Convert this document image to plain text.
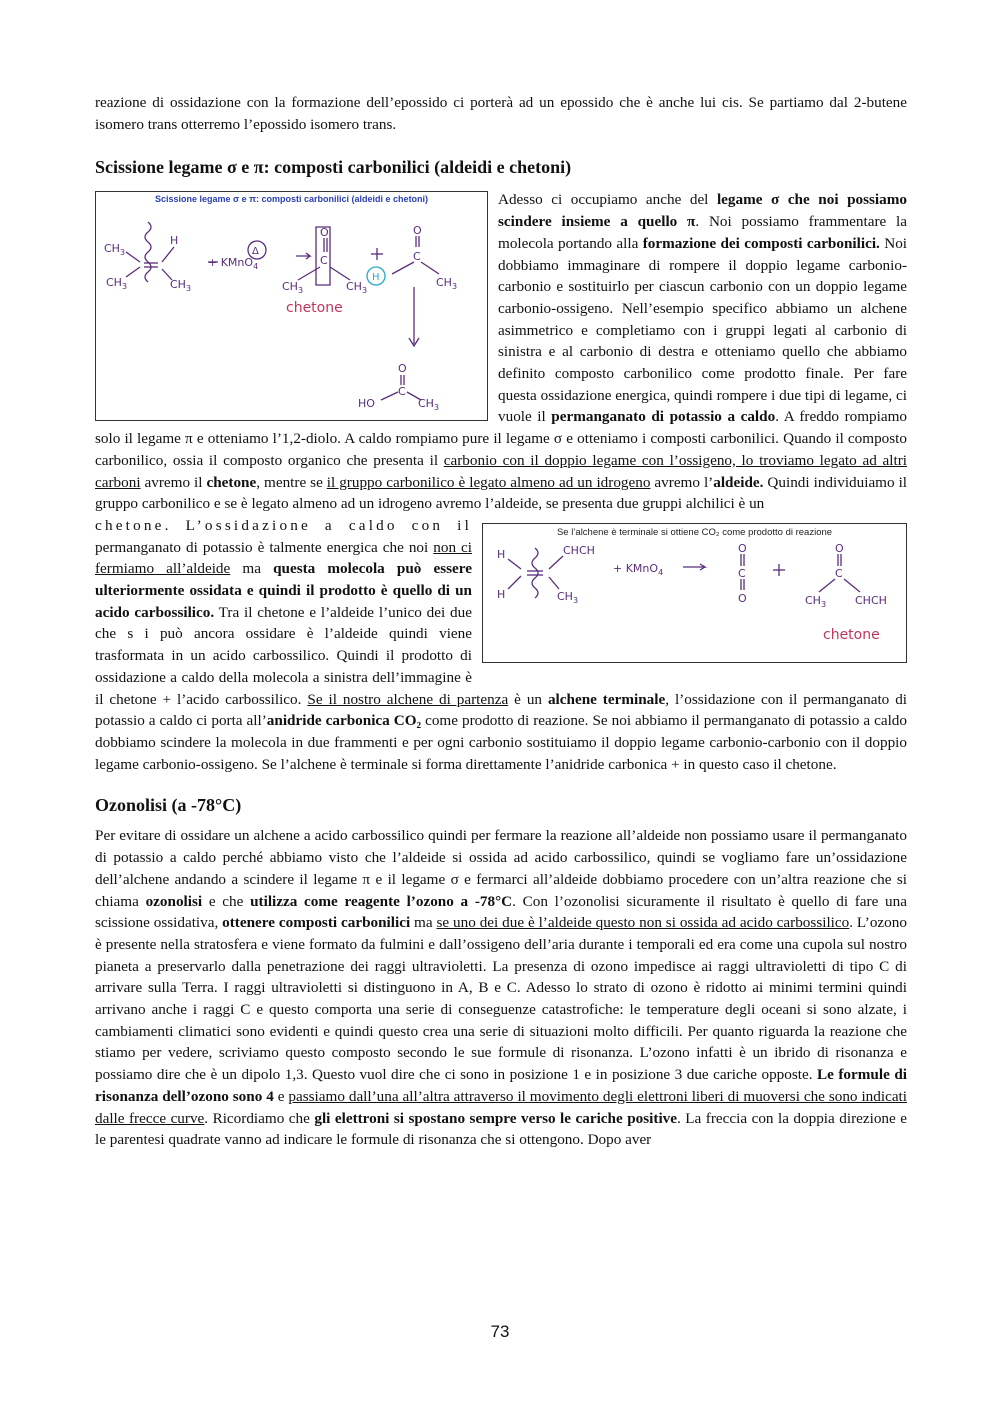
reazione di ossidazione con la formazione dell’epossido ci porterà ad un epossido che è anche lui cis. Se partiamo dal 2-butene isomero trans otterremo l’epossido isomero trans.

Scissione legame σ e π: composti carbonilici (aldeidi e chetoni)
Scissione legame σ e π: composti carbonilici (aldeidi e chetoni)
$CH_3$
$CH_3$
H
$CH_3$
+ KMnO$_4$
Δ
O
C
$CH_3$	$CH_3$
O
C
H	$CH_3$
O
C
HO	$CH_3$
chetone

Adesso ci occupiamo anche del legame σ che noi possiamo scindere insieme a quello π. Noi possiamo frammentare la molecola portando alla formazione dei composti carbonilici. Noi dobbiamo immaginare di rompere il doppio legame carbonio-carbonio e sostituirlo per ciascun carbonio con un doppio legame carbonio-ossigeno. Nell’esempio specifico abbiamo un alchene asimmetrico e completiamo con i gruppi legati al carbonio di sinistra e al carbonio di destra e otteniamo quello che abbiamo definito composto carbonilico come prodotto finale. Per fare questa ossidazione energica, quindi rompere i due tipi di legame, ci vuole il permanganato di potassio a caldo. A freddo rompiamo solo il legame π e otteniamo l’1,2-diolo. A caldo rompiamo pure il legame σ e otteniamo i composti carbonilici. Quando il composto carbonilico, ossia il composto organico che presenta il carbonio con il doppio legame con l’ossigeno, lo troviamo legato ad altri carboni avremo il chetone, mentre se il gruppo carbonilico è legato almeno ad un idrogeno avremo l’aldeide. Quindi individuiamo il gruppo carbonilico e se è legato almeno ad un idrogeno avremo l’aldeide, se presenta due gruppi alchilici è un

Se l’alchene è terminale si ottiene CO₂ come prodotto di reazione
H
H
CHCH
$CH_3$
+ KMnO$_4$
O
C
O
O
C
$CH_3$	CHCH
chetone

chetone. L’ossidazione a caldo con il permanganato di potassio è talmente energica che noi non ci fermiamo all’aldeide ma questa molecola può essere ulteriormente ossidata e quindi il prodotto è quello di un acido carbossilico. Tra il chetone e l’aldeide l’unico dei due che s i può ancora ossidare è l’aldeide quindi viene trasformata in un acido carbossilico. Quindi il prodotto di ossidazione a caldo della molecola a sinistra dell’immagine è il chetone + l’acido carbossilico. Se il nostro alchene di partenza è un alchene terminale, l’ossidazione con il permanganato di potassio a caldo ci porta all’anidride carbonica CO₂ come prodotto di reazione. Se noi abbiamo il permanganato di potassio a caldo dobbiamo scindere la molecola in due frammenti e per ogni carbonio sostituiamo il doppio legame carbonio-carbonio con il doppio legame carbonio-ossigeno. Se l’alchene è terminale si forma direttamente l’anidride carbonica + in questo caso il chetone.

Ozonolisi (a -78°C)

Per evitare di ossidare un alchene a acido carbossilico quindi per fermare la reazione all’aldeide non possiamo usare il permanganato di potassio a caldo perché abbiamo visto che l’aldeide si ossida ad acido carbossilico, quindi se vogliamo fare un’ossidazione dell’alchene andando a scindere il legame π e il legame σ e fermarci all’aldeide dobbiamo procedere con un’altra reazione che si chiama ozonolisi e che utilizza come reagente l’ozono a -78°C. Con l’ozonolisi sicuramente il risultato è quello di fare una scissione ossidativa, ottenere composti carbonilici ma se uno dei due è l’aldeide questo non si ossida ad acido carbossilico. L’ozono è presente nella stratosfera e viene formato da fulmini e dall’ossigeno dell’aria durante i temporali ed era come una cupola sul nostro pianeta a preservarlo dalla penetrazione dei raggi ultravioletti. La presenza di ozono impedisce ai raggi ultravioletti di tipo C di arrivare sulla Terra. I raggi ultravioletti si distinguono in A, B e C. Adesso lo strato di ozono è ridotto ai minimi termini quindi arrivano anche i raggi C e questo comporta una serie di conseguenze catastrofiche: le temperature degli oceani si sono alzate, i cambiamenti climatici sono evidenti e quindi questo crea una serie di situazioni molto difficili. Per quanto riguarda la reazione che stiamo per vedere, scriviamo questo composto secondo le sue formule di risonanza. L’ozono infatti è un ibrido di risonanza e possiamo dire che è un dipolo 1,3. Questo vuol dire che ci sono in posizione 1 e in posizione 3 due cariche opposte. Le formule di risonanza dell’ozono sono 4 e passiamo dall’una all’altra attraverso il movimento degli elettroni liberi di muoversi che sono indicati dalle frecce curve. Ricordiamo che gli elettroni si spostano sempre verso le cariche positive. La freccia con la doppia direzione e le parentesi quadrate vanno ad indicare le formule di risonanza che si ottengono. Dopo aver

73
